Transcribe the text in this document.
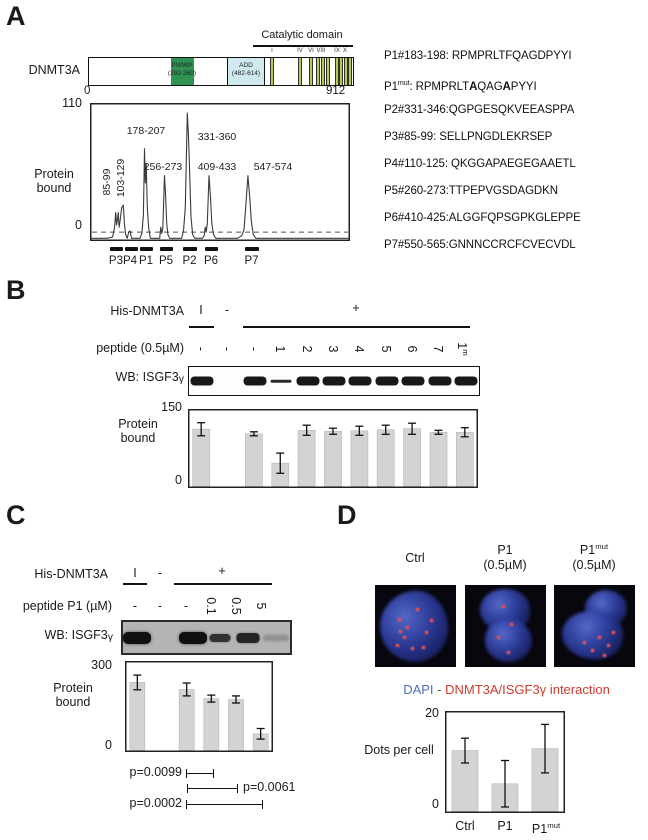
A
DNMT3A
Catalytic domain
I	IV VI VIII	IX X
PWWP
(292-360)
ADD
(482-614)
0	912
110
0
Protein bound	85-99 103-129
178-207
256-273
331-360
409-433	547-574
P3P4 P1 P5 P2 P6	P7
P1#183-198: RPMPRLTFQAGDPYYI
$P1^{mut}$: RPMPRLTAQAGAPYYI
P2#331-346:QGPGESQKVEEASPPA
P3#85-99: SELLPNGDLEKRSEP
P4#110-125: QKGGAPAEGEGAAETL
P5#260-273:TTPEPVGSDAGDKN
P6#410-425:ALGGFQPSGPKGLEPPE
P7#550-565:GNNNCCRCFCVECVDL
B
His-DNMT3A	I	-	+
peptide (0.5µM) - - - 1 2 3 4 5 6 7 1$^m$
WB: ISGF3γ
150
0
Protein bound
C
His-DNMT3A	I	-	+
peptide P1 (µM)	-	-	-	0.1 0.5 5
WB: ISGF3γ
300
0
Protein bound
p=0.0099
p=0.0061
p=0.0002
D
Ctrl
P1
(0.5µM)
$P1^{mut}$
(0.5µM)
DAPI - DNMT3A/ISGF3γ interaction
20
0
Dots per cell
Ctrl	P1	$P1^{mut}$
